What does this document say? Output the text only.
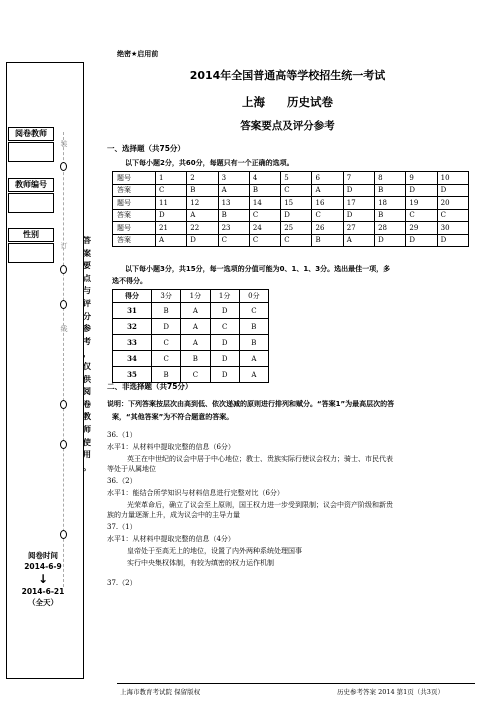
阅卷教师
教师编号
性别
装
订
线
答
案
要
点
与
评
分
参
考
，
仅
供
阅
卷
教
师
使
用
。
阅卷时间
2014-6-9
↓
2014-6-21
（全天）
绝密★启用前
2014年全国普通高等学校招生统一考试
上海 历史试卷
答案要点及评分参考
一、选择题（共75分）
以下每小题2分，共60分，每题只有一个正确的选项。
题号	1	2	3	4	5	6	7	8	9	10
答案	C	B	A	B	C	A	D	B	D	D
题号	11	12	13	14	15	16	17	18	19	20
答案	D	A	B	C	D	C	D	B	C	C
题号	21	22	23	24	25	26	27	28	29	30
答案	A	D	C	C	C	B	A	D	D	D
以下每小题3分，共15分，每一选项的分值可能为0、1、1、3分。选出最佳一项，多
选不得分。
得分	3分	1分	1分	0分
31	B	A	D	C
32	D	A	C	B
33	C	A	D	B
34	C	B	D	A
35	B	C	D	A
二、非选择题（共75分）
说明：下列答案按层次由高到低、依次递减的原则进行排列和赋分。“答案1”为最高层次的答
案，“其他答案”为不符合题意的答案。
36.（1）
水平1：从材料中提取完整的信息（6分）
英王在中世纪的议会中居于中心地位；教士、贵族实际行使议会权力；骑士、市民代表
等处于从属地位
36.（2）
水平1：能结合所学知识与材料信息进行完整对比（6分）
光荣革命后，确立了议会至上原则，国王权力进一步受到限制；议会中资产阶级和新贵
族的力量逐渐上升，成为议会中的主导力量
37.（1）
水平1：从材料中提取完整的信息（4分）
皇帝处于至高无上的地位，设置了内外两种系统处理国事
实行中央集权体制，有较为缜密的权力运作机制
37.（2）
上海市教育考试院 保留版权	历史参考答案 2014 第1页（共3页）
